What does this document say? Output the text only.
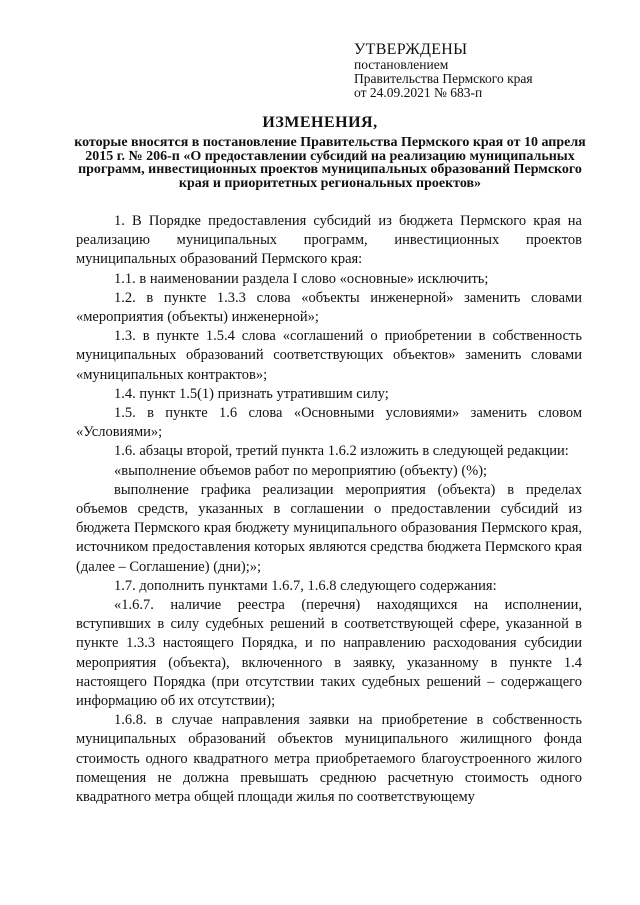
УТВЕРЖДЕНЫ
постановлением
Правительства Пермского края
от 24.09.2021 № 683-п
ИЗМЕНЕНИЯ,
которые вносятся в постановление Правительства Пермского края от 10 апреля 2015 г. № 206-п «О предоставлении субсидий на реализацию муниципальных программ, инвестиционных проектов муниципальных образований Пермского края и приоритетных региональных проектов»

1. В Порядке предоставления субсидий из бюджета Пермского края на реализацию муниципальных программ, инвестиционных проектов муниципальных образований Пермского края:

1.1. в наименовании раздела I слово «основные» исключить;

1.2. в пункте 1.3.3 слова «объекты инженерной» заменить словами «мероприятия (объекты) инженерной»;

1.3. в пункте 1.5.4 слова «соглашений о приобретении в собственность муниципальных образований соответствующих объектов» заменить словами «муниципальных контрактов»;

1.4. пункт 1.5(1) признать утратившим силу;

1.5. в пункте 1.6 слова «Основными условиями» заменить словом «Условиями»;

1.6. абзацы второй, третий пункта 1.6.2 изложить в следующей редакции:

«выполнение объемов работ по мероприятию (объекту) (%);

выполнение графика реализации мероприятия (объекта) в пределах объемов средств, указанных в соглашении о предоставлении субсидий из бюджета Пермского края бюджету муниципального образования Пермского края, источником предоставления которых являются средства бюджета Пермского края (далее – Соглашение) (дни);»;

1.7. дополнить пунктами 1.6.7, 1.6.8 следующего содержания:

«1.6.7. наличие реестра (перечня) находящихся на исполнении, вступивших в силу судебных решений в соответствующей сфере, указанной в пункте 1.3.3 настоящего Порядка, и по направлению расходования субсидии мероприятия (объекта), включенного в заявку, указанному в пункте 1.4 настоящего Порядка (при отсутствии таких судебных решений – содержащего информацию об их отсутствии);

1.6.8. в случае направления заявки на приобретение в собственность муниципальных образований объектов муниципального жилищного фонда стоимость одного квадратного метра приобретаемого благоустроенного жилого помещения не должна превышать среднюю расчетную стоимость одного квадратного метра общей площади жилья по соответствующему
